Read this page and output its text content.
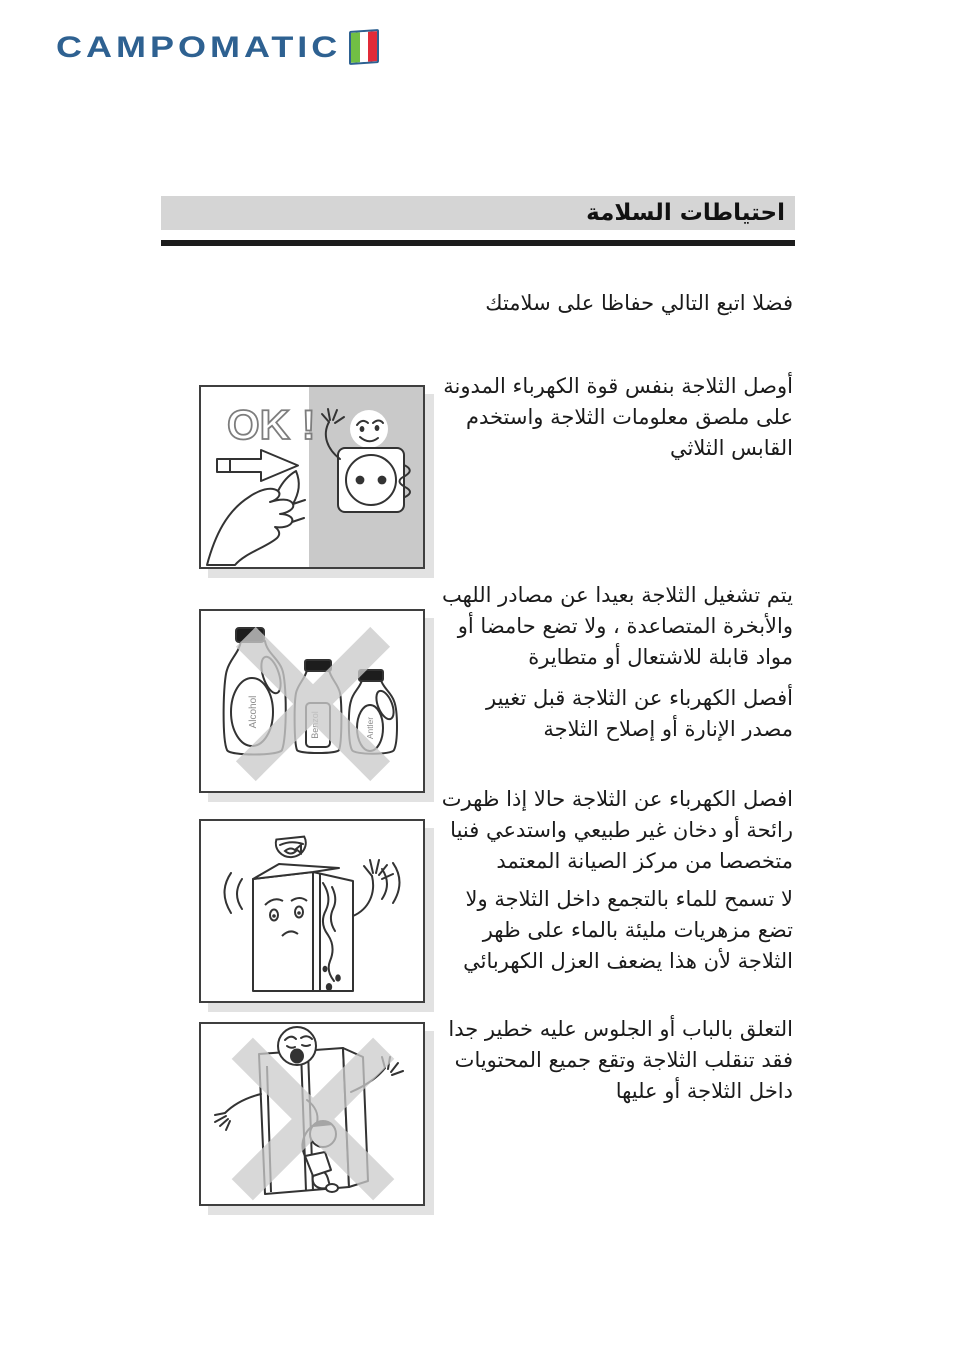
CAMPOMATIC
احتياطات السلامة
فضلا اتبع التالي حفاظا على سلامتك
أوصل الثلاجة بنفس قوة الكهرباء المدونة
على ملصق معلومات الثلاجة واستخدم
القابس الثلاثي
يتم تشغيل الثلاجة بعيدا عن مصادر اللهب
والأبخرة المتصاعدة ، ولا تضع حامضا أو
مواد قابلة للاشتعال أو متطايرة
أفصل الكهرباء عن الثلاجة قبل تغيير
مصدر الإنارة أو إصلاح الثلاجة
افصل الكهرباء عن الثلاجة حالا إذا ظهرت
رائحة أو دخان غير طبيعي واستدعي فنيا
متخصصا من مركز الصيانة المعتمد
لا تسمح للماء بالتجمع داخل الثلاجة ولا
تضع مزهريات مليئة بالماء على ظهر
الثلاجة لأن هذا يضعف العزل الكهربائي
التعلق بالباب أو الجلوس عليه خطير جدا
فقد تنقلب الثلاجة وتقع جميع المحتويات
داخل الثلاجة أو عليها
OK !
Alcohol	Antler
